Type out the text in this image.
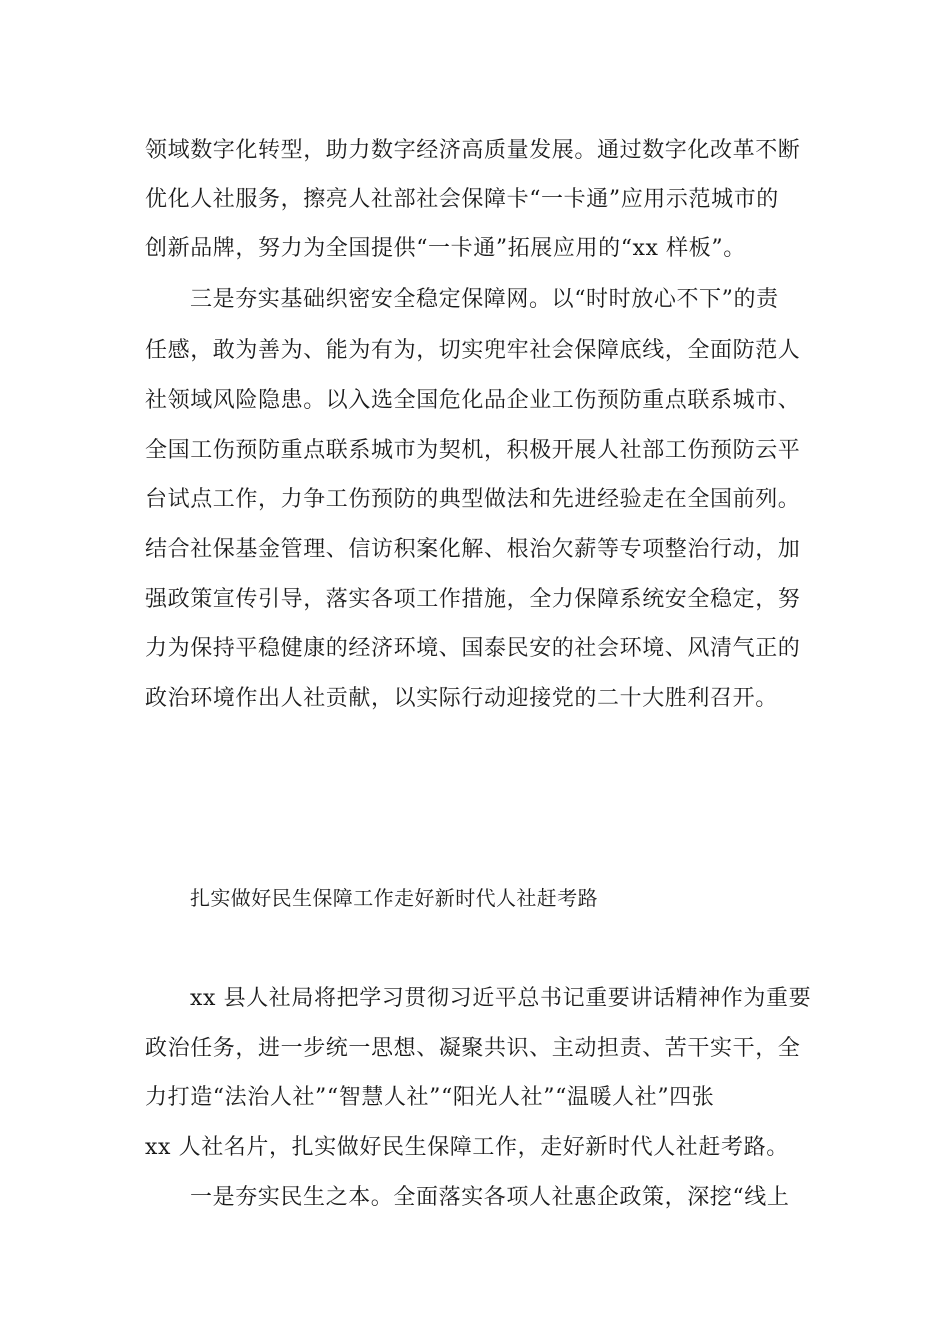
领域数字化转型，助力数字经济高质量发展。通过数字化改革不断
优化人社服务，擦亮人社部社会保障卡“一卡通”应用示范城市的
创新品牌，努力为全国提供“一卡通”拓展应用的“xx 样板”。
三是夯实基础织密安全稳定保障网。以“时时放心不下”的责
任感，敢为善为、能为有为，切实兜牢社会保障底线，全面防范人
社领域风险隐患。以入选全国危化品企业工伤预防重点联系城市、
全国工伤预防重点联系城市为契机，积极开展人社部工伤预防云平
台试点工作，力争工伤预防的典型做法和先进经验走在全国前列。
结合社保基金管理、信访积案化解、根治欠薪等专项整治行动，加
强政策宣传引导，落实各项工作措施，全力保障系统安全稳定，努
力为保持平稳健康的经济环境、国泰民安的社会环境、风清气正的
政治环境作出人社贡献，以实际行动迎接党的二十大胜利召开。
扎实做好民生保障工作走好新时代人社赶考路
xx 县人社局将把学习贯彻习近平总书记重要讲话精神作为重要
政治任务，进一步统一思想、凝聚共识、主动担责、苦干实干，全
力打造“法治人社”“智慧人社”“阳光人社”“温暖人社”四张
xx 人社名片，扎实做好民生保障工作，走好新时代人社赶考路。
一是夯实民生之本。全面落实各项人社惠企政策，深挖“线上
